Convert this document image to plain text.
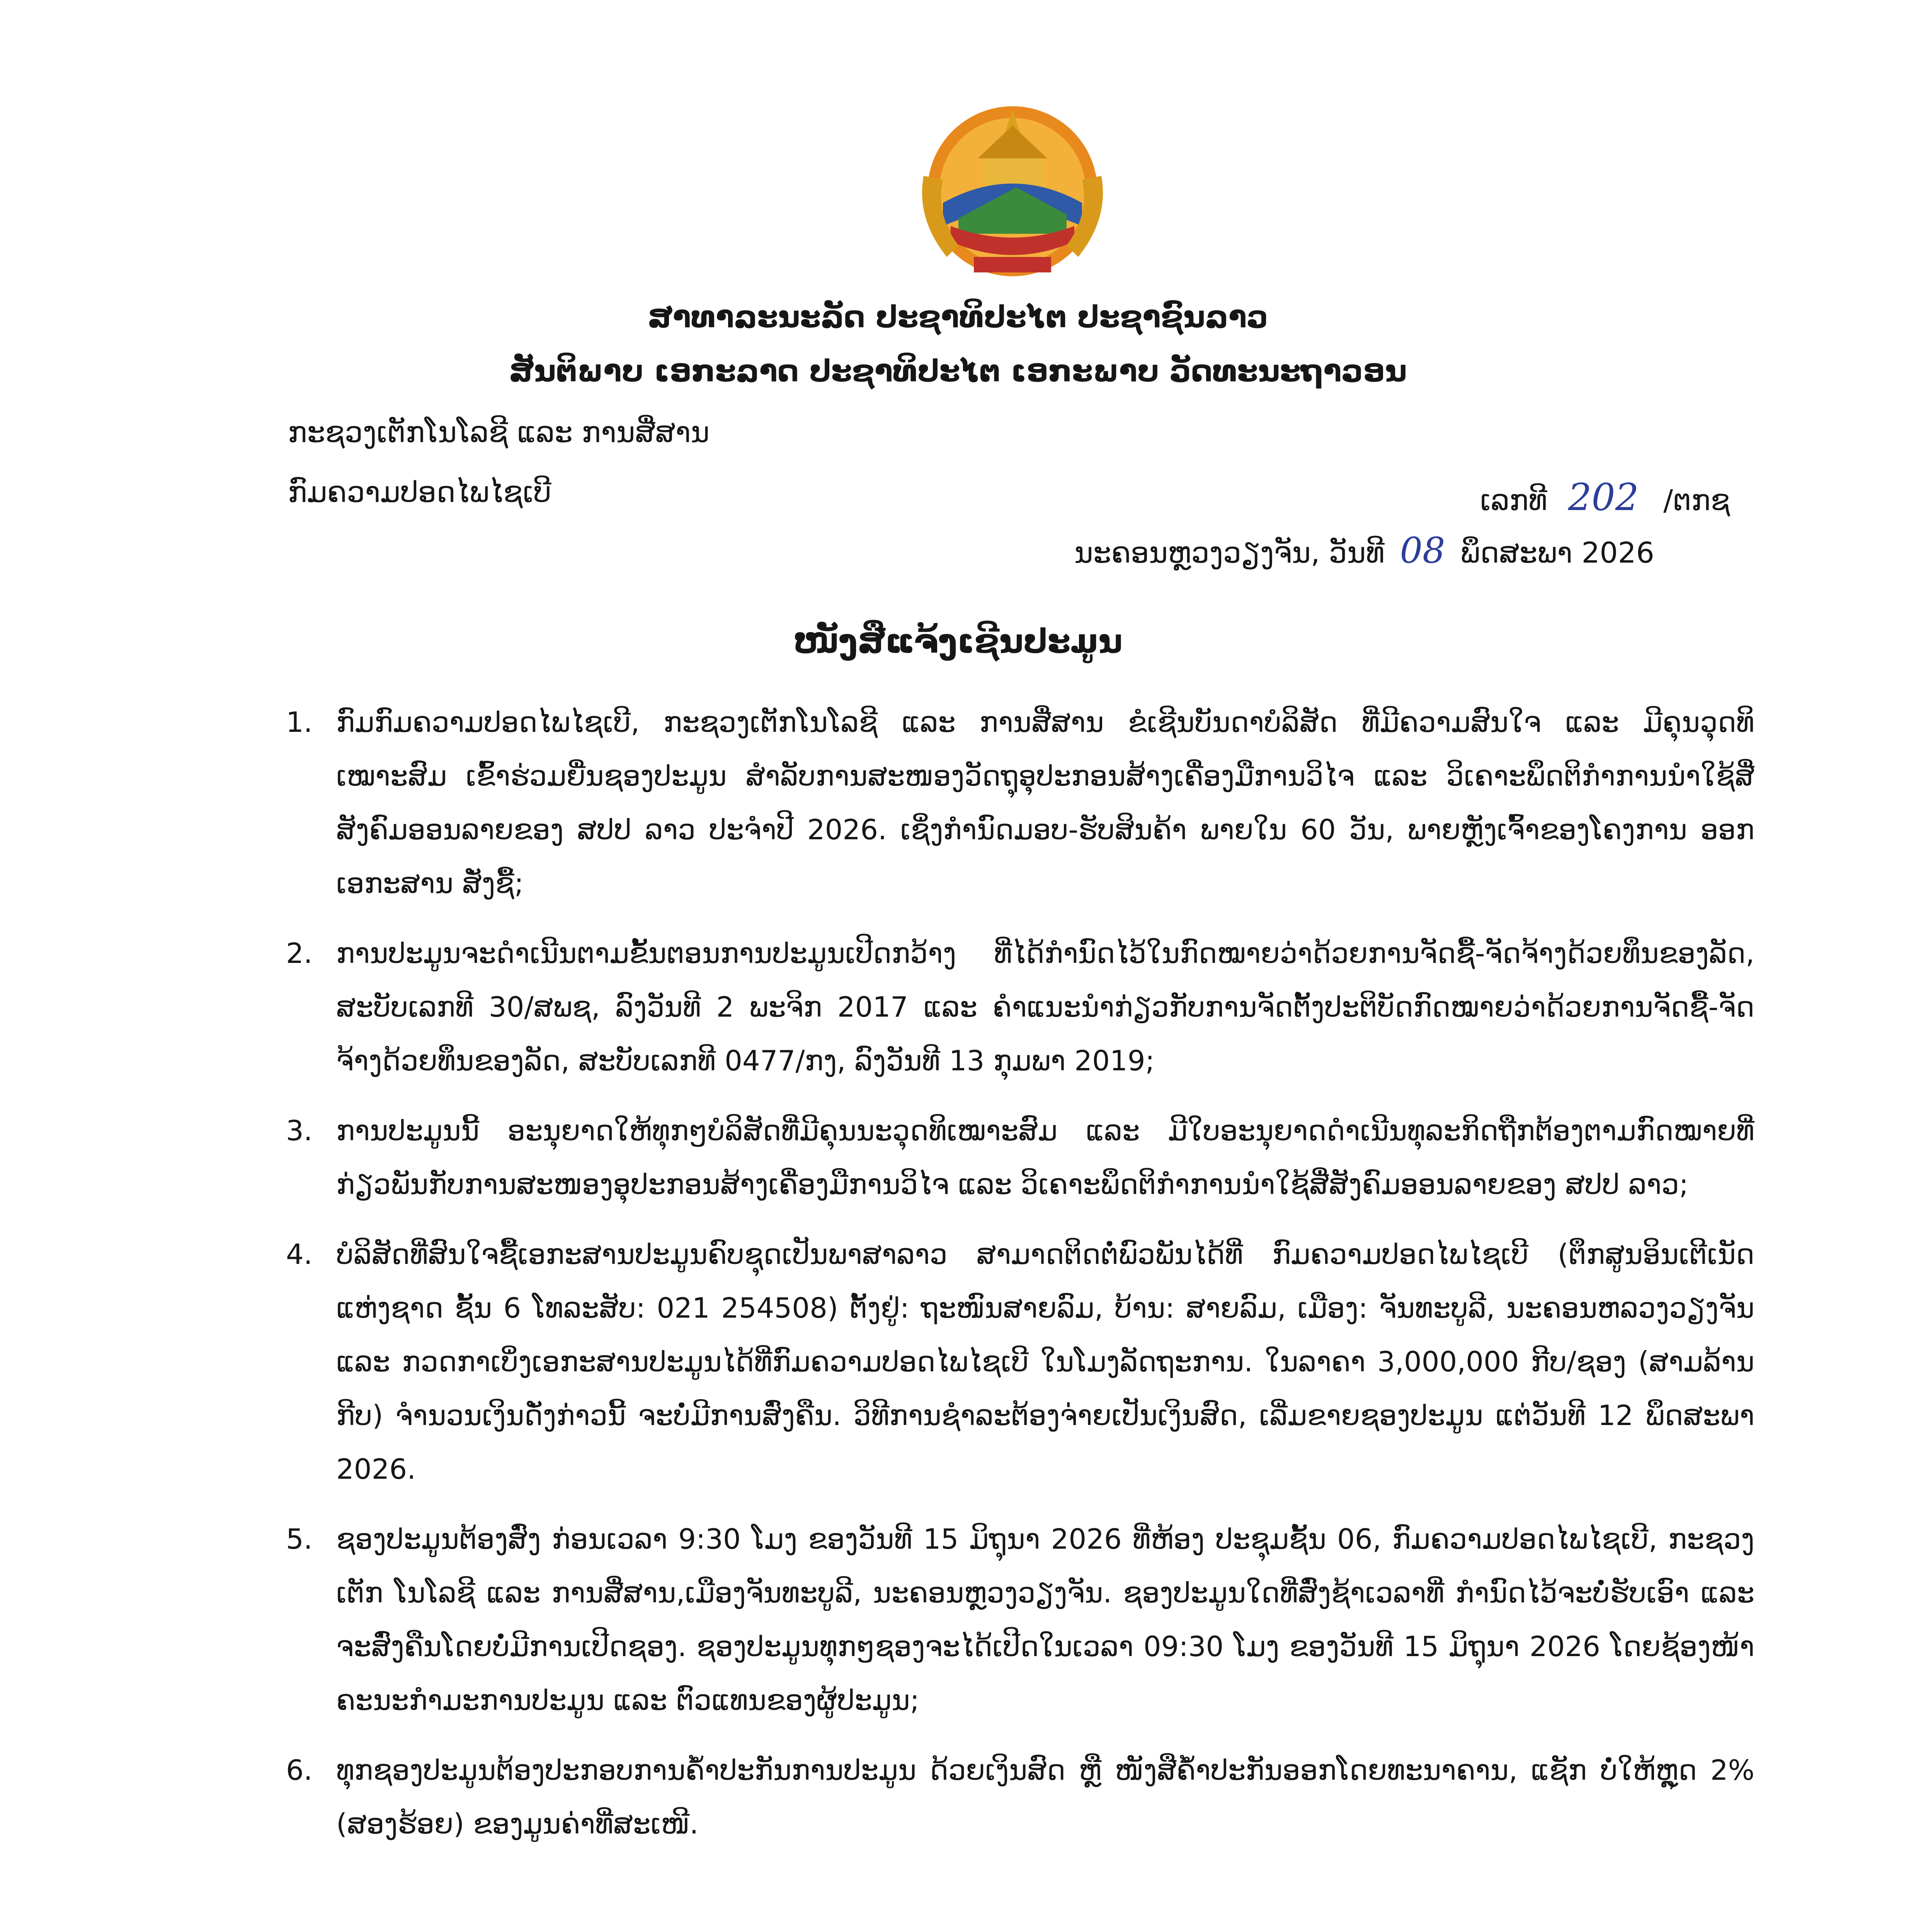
ສາທາລະນະລັດ ປະຊາທິປະໄຕ ປະຊາຊົນລາວ
ສັນຕິພາບ ເອກະລາດ ປະຊາທິປະໄຕ ເອກະພາບ ວັດທະນະຖາວອນ
ກະຊວງເຕັກໂນໂລຊີ ແລະ ການສື່ສານ
ກົມຄວາມປອດໄພໄຊເບີ	ເລກທີ 202 /ຕກຊ
ນະຄອນຫຼວງວຽງຈັນ, ວັນທີ 08 ພຶດສະພາ 2026
ໜັງສືແຈ້ງເຊີນປະມູນ
1. ກົມກົມຄວາມປອດໄພໄຊເບີ, ກະຊວງເຕັກໂນໂລຊີ ແລະ ການສື່ສານ ຂໍເຊີນບັນດາບໍລິສັດ ທີ່ມີຄວາມສົນໃຈ ແລະ ມີຄຸນວຸດທິເໝາະສົມ ເຂົ້າຮ່ວມຍື່ນຊອງປະມູນ ສໍາລັບການສະໜອງວັດຖຸອຸປະກອນສ້າງເຄື່ອງມືການວິໄຈ ແລະ ວິເຄາະພຶດຕິກຳການນຳໃຊ້ສື່ສັງຄົມອອນລາຍຂອງ ສປປ ລາວ ປະຈຳປີ 2026. ເຊິ່ງກຳນົດມອບ-ຮັບສິນຄ້າ ພາຍໃນ 60 ວັນ, ພາຍຫຼັງເຈົ້າຂອງໂຄງການ ອອກເອກະສານ ສັ່ງຊື້;
2. ການປະມູນຈະດຳເນີນຕາມຂັ້ນຕອນການປະມູນເປີດກວ້າງ ທີ່ໄດ້ກຳນົດໄວ້ໃນກົດໝາຍວ່າດ້ວຍການຈັດຊື້-ຈັດຈ້າງດ້ວຍທຶນຂອງລັດ, ສະບັບເລກທີ 30/ສພຊ, ລົງວັນທີ 2 ພະຈິກ 2017 ແລະ ຄຳແນະນຳກ່ຽວກັບການຈັດຕັ້ງປະຕິບັດກົດໝາຍວ່າດ້ວຍການຈັດຊື້-ຈັດຈ້າງດ້ວຍທຶນຂອງລັດ, ສະບັບເລກທີ 0477/ກງ, ລົງວັນທີ 13 ກຸມພາ 2019;
3. ການປະມູນນີ້ ອະນຸຍາດໃຫ້ທຸກໆບໍລິສັດທີ່ມີຄຸນນະວຸດທິເໝາະສົມ ແລະ ມີໃບອະນຸຍາດດຳເນີນທຸລະກິດຖືກຕ້ອງຕາມກົດໝາຍທີ່ກ່ຽວພັນກັບການສະໜອງອຸປະກອນສ້າງເຄື່ອງມືການວິໄຈ ແລະ ວິເຄາະພຶດຕິກຳການນຳໃຊ້ສື່ສັງຄົມອອນລາຍຂອງ ສປປ ລາວ;
4. ບໍລິສັດທີ່ສົນໃຈຊື້ເອກະສານປະມູນຄົບຊຸດເປັນພາສາລາວ ສາມາດຕິດຕໍ່ພົວພັນໄດ້ທີ່ ກົມຄວາມປອດໄພໄຊເບີ (ຕຶກສູນອິນເຕີເນັດ ແຫ່ງຊາດ ຊັ້ນ 6 ໂທລະສັບ: 021 254508) ຕັ້ງຢູ່: ຖະໜົນສາຍລົມ, ບ້ານ: ສາຍລົມ, ເມືອງ: ຈັນທະບູລີ, ນະຄອນຫລວງວຽງຈັນ ແລະ ກວດກາເບິ່ງເອກະສານປະມູນໄດ້ທີ່ກົມຄວາມປອດໄພໄຊເບີ ໃນໂມງລັດຖະການ. ໃນລາຄາ 3,000,000 ກີບ/ຊອງ (ສາມລ້ານກີບ) ຈຳນວນເງິນດັ່ງກ່າວນີ້ ຈະບໍ່ມີການສົ່ງຄືນ. ວິທີການຊຳລະຕ້ອງຈ່າຍເປັນເງິນສົດ, ເລີ່ມຂາຍຊອງປະມູນ ແຕ່ວັນທີ 12 ພຶດສະພາ 2026.
5. ຊອງປະມູນຕ້ອງສົ່ງ ກ່ອນເວລາ 9:30 ໂມງ ຂອງວັນທີ 15 ມິຖຸນາ 2026 ທີ່ຫ້ອງ ປະຊຸມຊັ້ນ 06, ກົມຄວາມປອດໄພໄຊເບີ, ກະຊວງເຕັກ ໂນໂລຊີ ແລະ ການສື່ສານ,ເມືອງຈັນທະບູລີ, ນະຄອນຫຼວງວຽງຈັນ. ຊອງປະມູນໃດທີ່ສົ່ງຊ້າເວລາທີ່ ກຳນົດໄວ້ຈະບໍ່ຮັບເອົາ ແລະ ຈະສົ່ງຄືນໂດຍບໍ່ມີການເປີດຊອງ. ຊອງປະມູນທຸກໆຊອງຈະໄດ້ເປີດໃນເວລາ 09:30 ໂມງ ຂອງວັນທີ 15 ມິຖຸນາ 2026 ໂດຍຊ້ອງໜ້າຄະນະກຳມະການປະມູນ ແລະ ຕົວແທນຂອງຜູ້ປະມູນ;
6. ທຸກຊອງປະມູນຕ້ອງປະກອບການຄ້ຳປະກັນການປະມູນ ດ້ວຍເງິນສົດ ຫຼື ໜັງສືຄ້ຳປະກັນອອກໂດຍທະນາຄານ, ແຊັກ ບໍ່ໃຫ້ຫຼຸດ 2% (ສອງຮ້ອຍ) ຂອງມູນຄ່າທີ່ສະເໜີ.
